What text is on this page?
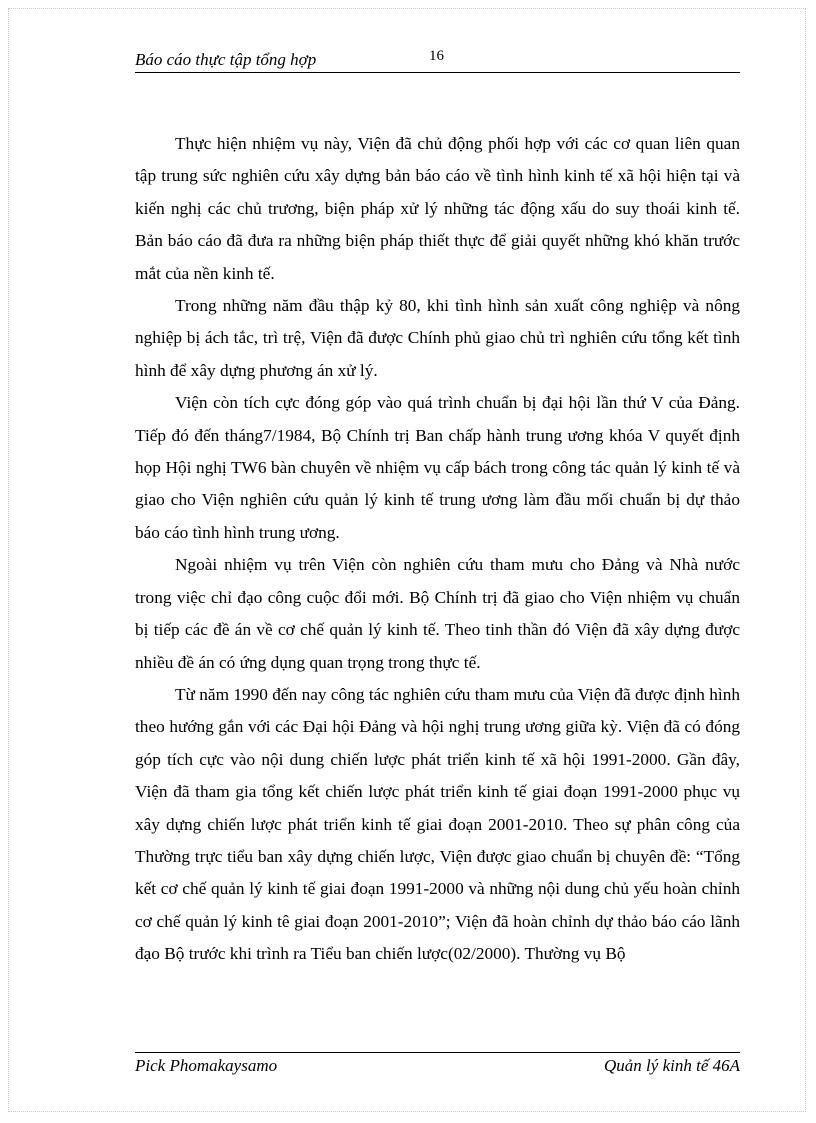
Báo cáo thực tập tổng hợp	16

Thực hiện nhiệm vụ này, Viện đã chủ động phối hợp với các cơ quan liên quan tập trung sức nghiên cứu xây dựng bản báo cáo về tình hình kinh tế xã hội hiện tại và kiến nghị các chủ trương, biện pháp xử lý những tác động xấu do suy thoái kinh tế. Bản báo cáo đã đưa ra những biện pháp thiết thực để giải quyết những khó khăn trước mắt của nền kinh tế.

Trong những năm đầu thập kỷ 80, khi tình hình sản xuất công nghiệp và nông nghiệp bị ách tắc, trì trệ, Viện đã được Chính phủ giao chủ trì nghiên cứu tổng kết tình hình để xây dựng phương án xử lý.

Viện còn tích cực đóng góp vào quá trình chuẩn bị đại hội lần thứ V của Đảng. Tiếp đó đến tháng7/1984, Bộ Chính trị Ban chấp hành trung ương khóa V quyết định họp Hội nghị TW6 bàn chuyên về nhiệm vụ cấp bách trong công tác quản lý kinh tế và giao cho Viện nghiên cứu quản lý kinh tế trung ương làm đầu mối chuẩn bị dự thảo báo cáo tình hình trung ương.

Ngoài nhiệm vụ trên Viện còn nghiên cứu tham mưu cho Đảng và Nhà nước trong việc chỉ đạo công cuộc đổi mới. Bộ Chính trị đã giao cho Viện nhiệm vụ chuẩn bị tiếp các đề án về cơ chế quản lý kinh tế. Theo tinh thần đó Viện đã xây dựng được nhiều đề án có ứng dụng quan trọng trong thực tế.

Từ năm 1990 đến nay công tác nghiên cứu tham mưu của Viện đã được định hình theo hướng gắn với các Đại hội Đảng và hội nghị trung ương giữa kỳ. Viện đã có đóng góp tích cực vào nội dung chiến lược phát triển kinh tế xã hội 1991-2000. Gần đây, Viện đã tham gia tổng kết chiến lược phát triển kinh tế giai đoạn 1991-2000 phục vụ xây dựng chiến lược phát triển kinh tế giai đoạn 2001-2010. Theo sự phân công của Thường trực tiểu ban xây dựng chiến lược, Viện được giao chuẩn bị chuyên đề: “Tổng kết cơ chế quản lý kinh tế giai đoạn 1991-2000 và những nội dung chủ yếu hoàn chỉnh cơ chế quản lý kinh tê giai đoạn 2001-2010”; Viện đã hoàn chỉnh dự thảo báo cáo lãnh đạo Bộ trước khi trình ra Tiểu ban chiến lược(02/2000). Thường vụ Bộ

Pick Phomakaysamo	Quản lý kinh tế 46A
